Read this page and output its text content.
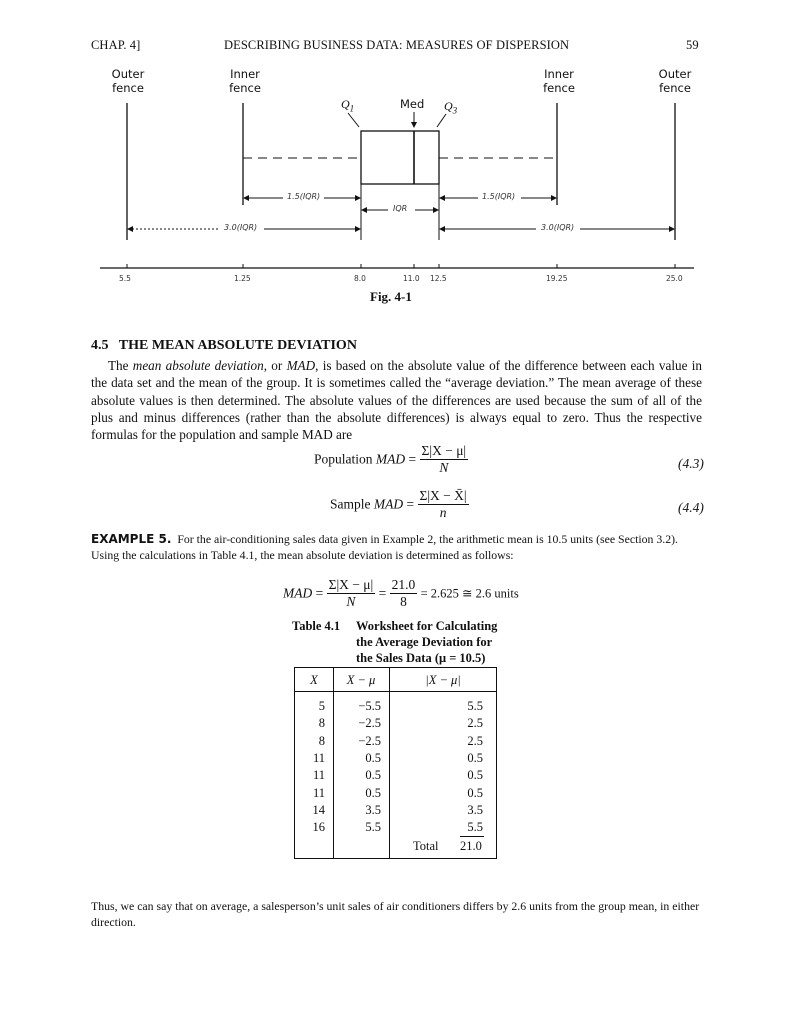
CHAP. 4]	DESCRIBING BUSINESS DATA: MEASURES OF DISPERSION	59
Outer
fence
Inner
fence
Inner
fence
Outer
fence
$Q_1$	Med $Q_3$
1.5(IQR)	1.5(IQR)
IQR
3.0(IQR)	3.0(IQR)
5.5	1.25	8.0	11.0 12.5	19.25	25.0
Fig. 4-1
4.5 THE MEAN ABSOLUTE DEVIATION

The mean absolute deviation, or MAD, is based on the absolute value of the difference between each value in the data set and the mean of the group. It is sometimes called the “average deviation.” The mean average of these absolute values is then determined. The absolute values of the differences are used because the sum of all of the plus and minus differences (rather than the absolute differences) is always equal to zero. Thus the respective formulas for the population and sample MAD are

Population MAD = $\frac{\Sigma|X - \mu|}{N}$	(4.3)
Sample MAD = $\frac{\Sigma|X - X̄|}{n}$	(4.4)
EXAMPLE 5. For the air-conditioning sales data given in Example 2, the arithmetic mean is 10.5 units (see Section 3.2). Using the calculations in Table 4.1, the mean absolute deviation is determined as follows:
MAD = $\frac{\Sigma|X - \mu|}{N} = \frac{21.0}{8} = 2.625$ ≅ 2.6 units
Table 4.1 Worksheet for Calculating
the Average Deviation for
the Sales Data (μ = 10.5)
X	X − μ	|X − μ|
5	−5.5	5.5
8	−2.5	2.5
8	−2.5	2.5
11	0.5	0.5
11	0.5	0.5
11	0.5	0.5
14	3.5	3.5
16	5.5	5.5
Total 21.0
Thus, we can say that on average, a salesperson’s unit sales of air conditioners differs by 2.6 units from the group mean, in either direction.
